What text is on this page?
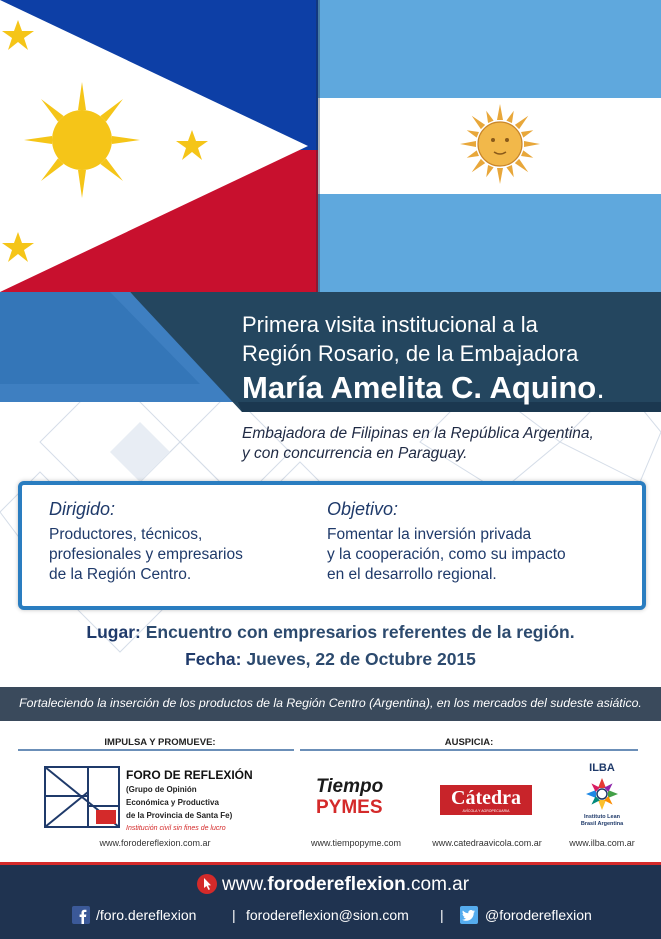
Primera visita institucional a la
Región Rosario, de la Embajadora
María Amelita C. Aquino.
Embajadora de Filipinas en la República Argentina,
y con concurrencia en Paraguay.
Dirigido:
Productores, técnicos,
profesionales y empresarios
de la Región Centro.
Objetivo:
Fomentar la inversión privada
y la cooperación, como su impacto
en el desarrollo regional.
Lugar: Encuentro con empresarios referentes de la región.
Fecha: Jueves, 22 de Octubre 2015
Fortaleciendo la inserción de los productos de la Región Centro (Argentina), en los mercados del sudeste asiático.
IMPULSA Y PROMUEVE:	AUSPICIA:
FORO DE REFLEXIÓN
(Grupo de Opinión
Económica y Productiva
de la Provincia de Santa Fe)
Institución civil sin fines de lucro
www.forodereflexion.com.ar
Tiempo
PYMES
www.tiempopyme.com
Cátedra
AVÍCOLA Y AGROPECUARIA
www.catedraavicola.com.ar
ILBA
Instituto Lean
Brasil Argentina
www.ilba.com.ar
www.forodereflexion.com.ar
/foro.dereflexion	| forodereflexion@sion.com |	@forodereflexion
